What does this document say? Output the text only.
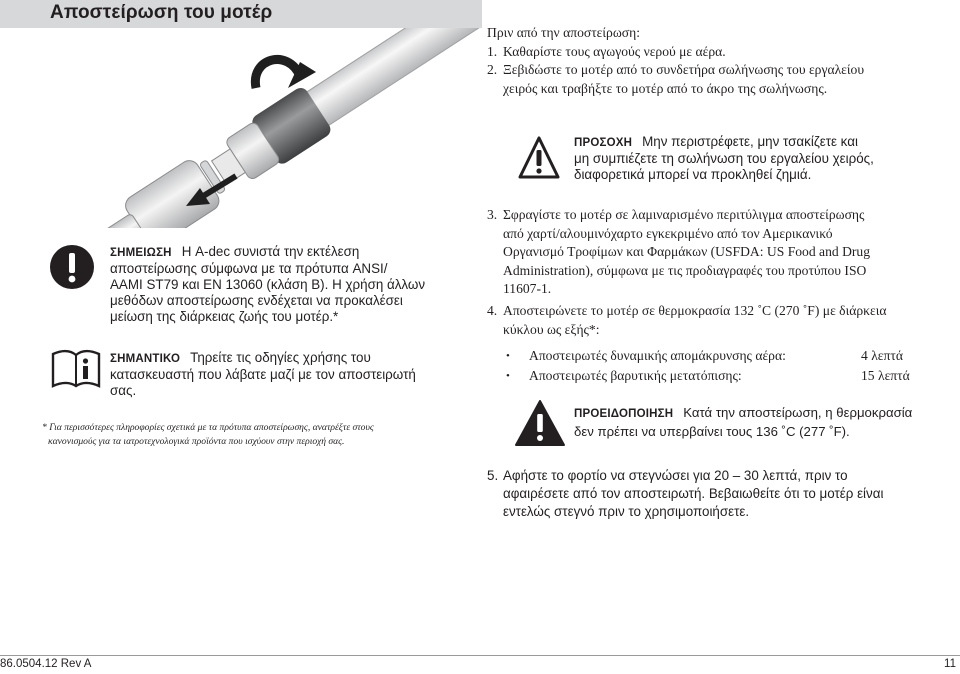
Αποστείρωση του μοτέρ
ΣΗΜΕΙΩΣΗ Η A-dec συνιστά την εκτέλεση
αποστείρωσης σύμφωνα με τα πρότυπα ANSI/
AAMI ST79 και EN 13060 (κλάση Β). Η χρήση άλλων
μεθόδων αποστείρωσης ενδέχεται να προκαλέσει
μείωση της διάρκειας ζωής του μοτέρ.*
ΣΗΜΑΝΤΙΚΟ Τηρείτε τις οδηγίες χρήσης του
κατασκευαστή που λάβατε μαζί με τον αποστειρωτή
σας.
* Για περισσότερες πληροφορίες σχετικά με τα πρότυπα αποστείρωσης, ανατρέξτε στους
κανονισμούς για τα ιατροτεχνολογικά προϊόντα που ισχύουν στην περιοχή σας.
Πριν από την αποστείρωση:
1. Καθαρίστε τους αγωγούς νερού με αέρα.
2. Ξεβιδώστε το μοτέρ από το συνδετήρα σωλήνωσης του εργαλείου
χειρός και τραβήξτε το μοτέρ από το άκρο της σωλήνωσης.
ΠΡΟΣΟΧΗ Μην περιστρέφετε, μην τσακίζετε και
μη συμπιέζετε τη σωλήνωση του εργαλείου χειρός,
διαφορετικά μπορεί να προκληθεί ζημιά.
3. Σφραγίστε το μοτέρ σε λαμιναρισμένο περιτύλιγμα αποστείρωσης
από χαρτί/αλουμινόχαρτο εγκεκριμένο από τον Αμερικανικό
Οργανισμό Τροφίμων και Φαρμάκων (USFDA: US Food and Drug
Administration), σύμφωνα με τις προδιαγραφές του προτύπου ISO
11607-1.
4. Αποστειρώνετε το μοτέρ σε θερμοκρασία 132 ˚C (270 ˚F) με διάρκεια
κύκλου ως εξής*:
•	Αποστειρωτές δυναμικής απομάκρυνσης αέρα:	4 λεπτά
•	Αποστειρωτές βαρυτικής μετατόπισης:	15 λεπτά
ΠΡΟΕΙΔΟΠΟΙΗΣΗ Κατά την αποστείρωση, η θερμοκρασία
δεν πρέπει να υπερβαίνει τους 136 ˚C (277 ˚F).
5. Αφήστε το φορτίο να στεγνώσει για 20 – 30 λεπτά, πριν το
αφαιρέσετε από τον αποστειρωτή. Βεβαιωθείτε ότι το μοτέρ είναι
εντελώς στεγνό πριν το χρησιμοποιήσετε.
86.0504.12 Rev A	11
